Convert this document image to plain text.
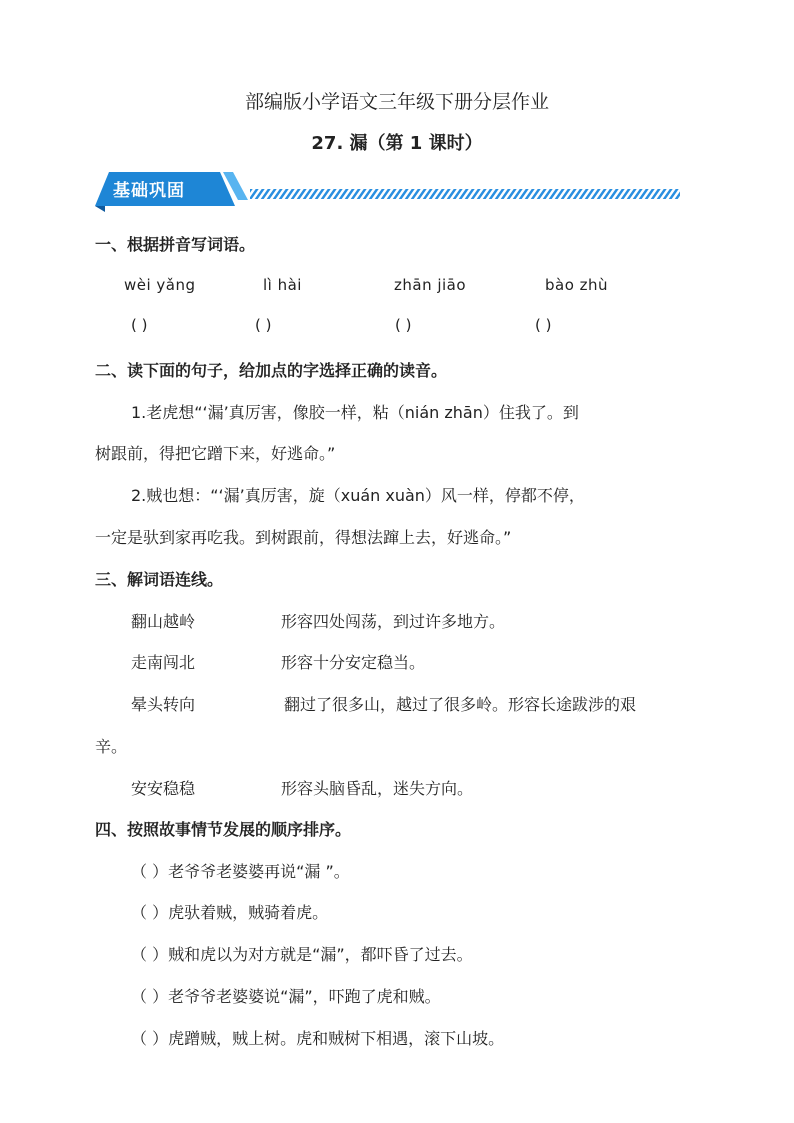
部编版小学语文三年级下册分层作业
27. 漏（第 1 课时）
基础巩固
一、根据拼音写词语。
wèi yǎng	lì hài	zhān jiāo	bào zhù
( )	( )	( )	( )
二、读下面的句子，给加点的字选择正确的读音。
1.老虎想“‘漏’真厉害，像胶一样，粘（nián zhān）住我了。到
树跟前，得把它蹭下来，好逃命。”
2.贼也想：“‘漏’真厉害，旋（xuán xuàn）风一样，停都不停，
一定是驮到家再吃我。到树跟前，得想法蹿上去，好逃命。”
三、解词语连线。
翻山越岭	形容四处闯荡，到过许多地方。
走南闯北	形容十分安定稳当。
晕头转向	翻过了很多山，越过了很多岭。形容长途跋涉的艰
辛。
安安稳稳	形容头脑昏乱，迷失方向。
四、按照故事情节发展的顺序排序。
（ ）老爷爷老婆婆再说“漏 ”。
（ ）虎驮着贼，贼骑着虎。
（ ）贼和虎以为对方就是“漏”，都吓昏了过去。
（ ）老爷爷老婆婆说“漏”，吓跑了虎和贼。
（ ）虎蹭贼，贼上树。虎和贼树下相遇，滚下山坡。
